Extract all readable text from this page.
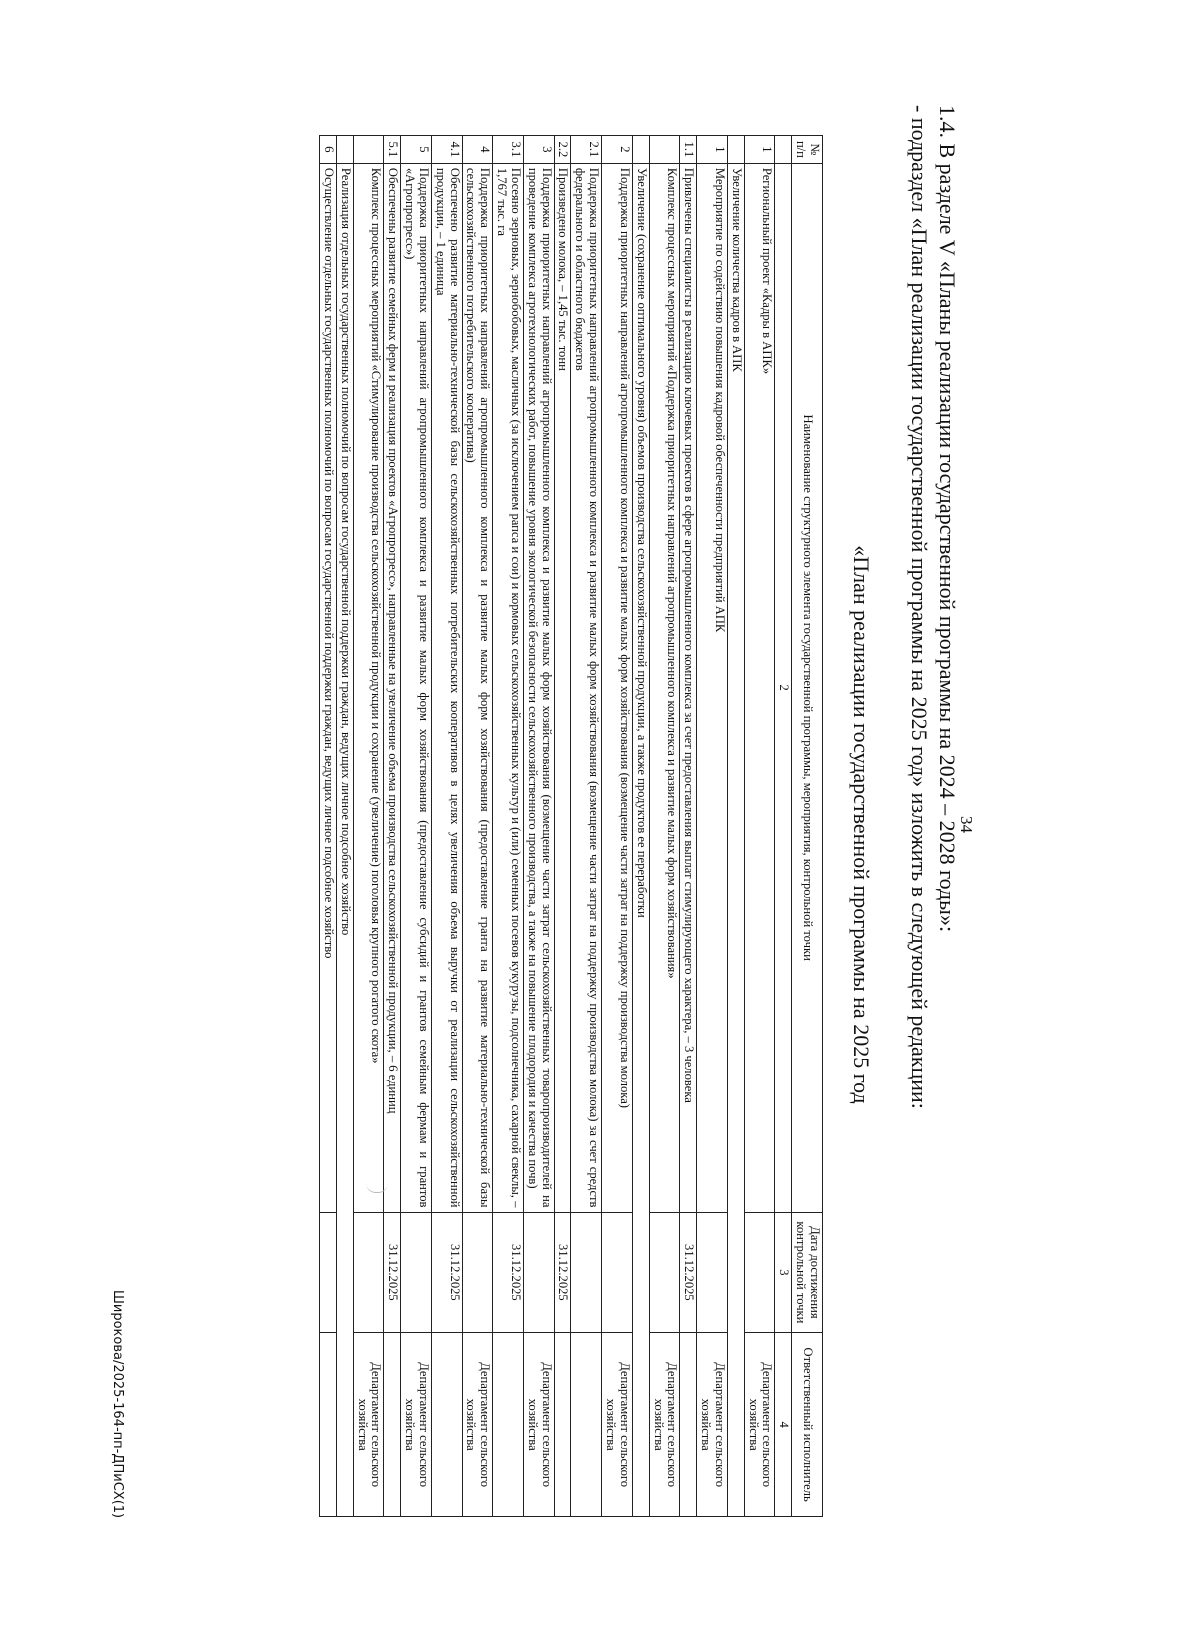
34
1.4. В разделе V «Планы реализации государственной программы на 2024 – 2028 годы»:
- подраздел «План реализации государственной программы на 2025 год» изложить в следующей редакции:
«План реализации государственной программы на 2025 год
№ п/п	Наименование структурного элемента государственной программы, мероприятия, контрольной точки	Дата достижения контрольной точки	Ответственный исполнитель
	2	3	4
1	Региональный проект «Кадры в АПК»		Департамент сельского хозяйства
	Увеличение количества кадров в АПК		
1	Мероприятие по содействию повышения кадровой обеспеченности предприятий АПК		Департамент сельского хозяйства
1.1	Привлечены специалисты в реализацию ключевых проектов в сфере агропромышленного комплекса за счет предоставления выплат стимулирующего характера, – 3 человека	31.12.2025	
	Комплекс процессных мероприятий «Поддержка приоритетных направлений агропромышленного комплекса и развитие малых форм хозяйствования»		Департамент сельского хозяйства
	Увеличение (сохранение оптимального уровня) объемов производства сельскохозяйственной продукции, а также продуктов ее переработки		
2	Поддержка приоритетных направлений агропромышленного комплекса и развитие малых форм хозяйствования (возмещение части затрат на поддержку производства молока)		Департамент сельского хозяйства
2.1	Поддержка приоритетных направлений агропромышленного комплекса и развитие малых форм хозяйствования (возмещение части затрат на поддержку производства молока) за счет средств федерального и областного бюджетов		
2.2	Произведено молока, – 1,45 тыс. тонн	31.12.2025	
3	Поддержка приоритетных направлений агропромышленного комплекса и развитие малых форм хозяйствования (возмещение части затрат сельскохозяйственных товаропроизводителей на проведение комплекса агротехнологических работ, повышение уровня экологической безопасности сельскохозяйственного производства, а также на повышение плодородия и качества почв)		Департамент сельского хозяйства
3.1	Посеяно зерновых, зернобобовых, масличных (за исключением рапса и сои) и кормовых сельскохозяйственных культур и (или) семенных посевов кукурузы, подсолнечника, сахарной свеклы, – 1,767 тыс. га	31.12.2025	
4	Поддержка приоритетных направлений агропромышленного комплекса и развитие малых форм хозяйствования (предоставление гранта на развитие материально-технической базы сельскохозяйственного потребительского кооператива)		Департамент сельского хозяйства
4.1	Обеспечено развитие материально-технической базы сельскохозяйственных потребительских кооперативов в целях увеличения объема выручки от реализации сельскохозяйственной продукции, – 1 единица	31.12.2025	
5	Поддержка приоритетных направлений агропромышленного комплекса и развитие малых форм хозяйствования (предоставление субсидий и грантов семейным фермам и грантов «Агропрогресс»)		Департамент сельского хозяйства
5.1	Обеспечены развитие семейных ферм и реализация проектов «Агропрогресс», направленные на увеличение объема производства сельскохозяйственной продукции, – 6 единиц	31.12.2025	
	Комплекс процессных мероприятий «Стимулирование производства сельскохозяйственной продукции и сохранение (увеличение) поголовья крупного рогатого скота»		Департамент сельского хозяйства
	Реализация отдельных государственных полномочий по вопросам государственной поддержки граждан, ведущих личное подсобное хозяйство		
6	Осуществление отдельных государственных полномочий по вопросам государственной поддержки граждан, ведущих личное подсобное хозяйство		
Широкова/2025-164-пп-ДПиСХ(1)
